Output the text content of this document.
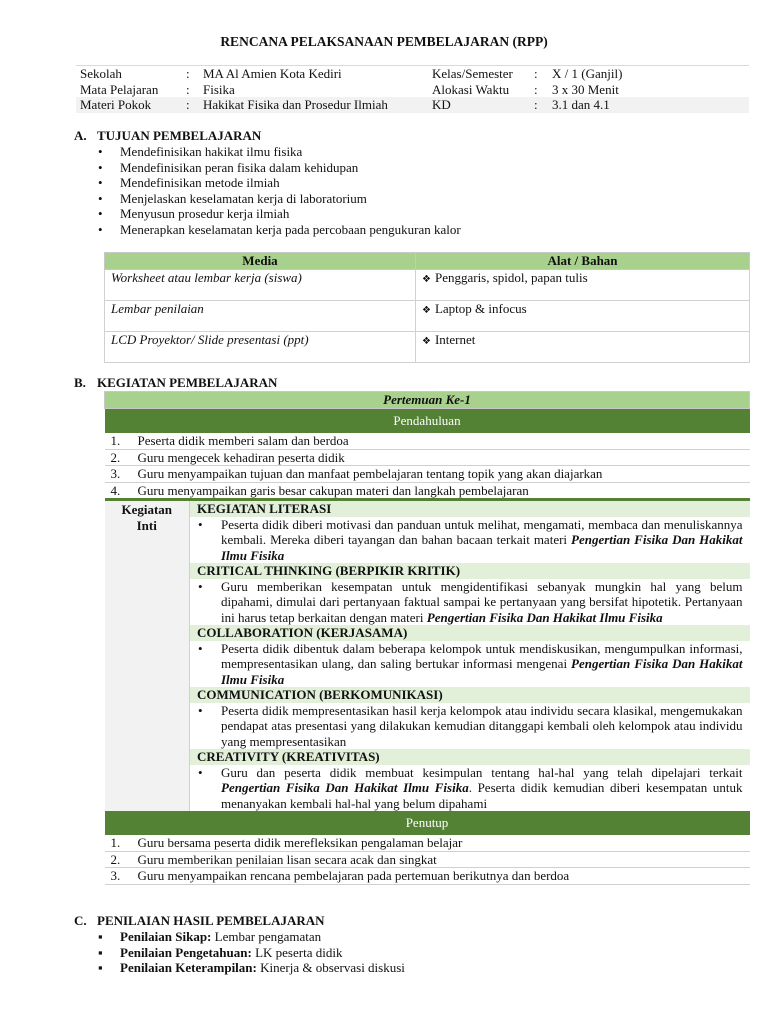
RENCANA PELAKSANAAN PEMBELAJARAN (RPP)
Sekolah	: MA Al Amien Kota Kediri	Kelas/Semester : X / 1 (Ganjil)
Mata Pelajaran : Fisika	Alokasi Waktu : 3 x 30 Menit
Materi Pokok	: Hakikat Fisika dan Prosedur Ilmiah	KD	: 3.1 dan 4.1
A. TUJUAN PEMBELAJARAN
• Mendefinisikan hakikat ilmu fisika
• Mendefinisikan peran fisika dalam kehidupan
• Mendefinisikan metode ilmiah
• Menjelaskan keselamatan kerja di laboratorium
• Menyusun prosedur kerja ilmiah
• Menerapkan keselamatan kerja pada percobaan pengukuran kalor
Media	Alat / Bahan
Worksheet atau lembar kerja (siswa)	❖ Penggaris, spidol, papan tulis
Lembar penilaian	❖ Laptop & infocus
LCD Proyektor/ Slide presentasi (ppt)	❖ Internet
B. KEGIATAN PEMBELAJARAN
Pertemuan Ke-1
Pendahuluan
1. Peserta didik memberi salam dan berdoa
2. Guru mengecek kehadiran peserta didik
3. Guru menyampaikan tujuan dan manfaat pembelajaran tentang topik yang akan diajarkan
4. Guru menyampaikan garis besar cakupan materi dan langkah pembelajaran

Kegiatan
Inti

KEGIATAN LITERASI
• Peserta didik diberi motivasi dan panduan untuk melihat, mengamati, membaca dan menuliskannya kembali. Mereka diberi tayangan dan bahan bacaan terkait materi Pengertian Fisika Dan Hakikat Ilmu Fisika
CRITICAL THINKING (BERPIKIR KRITIK)
• Guru memberikan kesempatan untuk mengidentifikasi sebanyak mungkin hal yang belum dipahami, dimulai dari pertanyaan faktual sampai ke pertanyaan yang bersifat hipotetik. Pertanyaan ini harus tetap berkaitan dengan materi Pengertian Fisika Dan Hakikat Ilmu Fisika
COLLABORATION (KERJASAMA)
• Peserta didik dibentuk dalam beberapa kelompok untuk mendiskusikan, mengumpulkan informasi, mempresentasikan ulang, dan saling bertukar informasi mengenai Pengertian Fisika Dan Hakikat Ilmu Fisika
COMMUNICATION (BERKOMUNIKASI)
• Peserta didik mempresentasikan hasil kerja kelompok atau individu secara klasikal, mengemukakan pendapat atas presentasi yang dilakukan kemudian ditanggapi kembali oleh kelompok atau individu yang mempresentasikan
CREATIVITY (KREATIVITAS)
• Guru dan peserta didik membuat kesimpulan tentang hal-hal yang telah dipelajari terkait Pengertian Fisika Dan Hakikat Ilmu Fisika. Peserta didik kemudian diberi kesempatan untuk menanyakan kembali hal-hal yang belum dipahami

Penutup
1. Guru bersama peserta didik merefleksikan pengalaman belajar
2. Guru memberikan penilaian lisan secara acak dan singkat
3. Guru menyampaikan rencana pembelajaran pada pertemuan berikutnya dan berdoa
C. PENILAIAN HASIL PEMBELAJARAN
▪ Penilaian Sikap: Lembar pengamatan
▪ Penilaian Pengetahuan: LK peserta didik
▪ Penilaian Keterampilan: Kinerja & observasi diskusi
